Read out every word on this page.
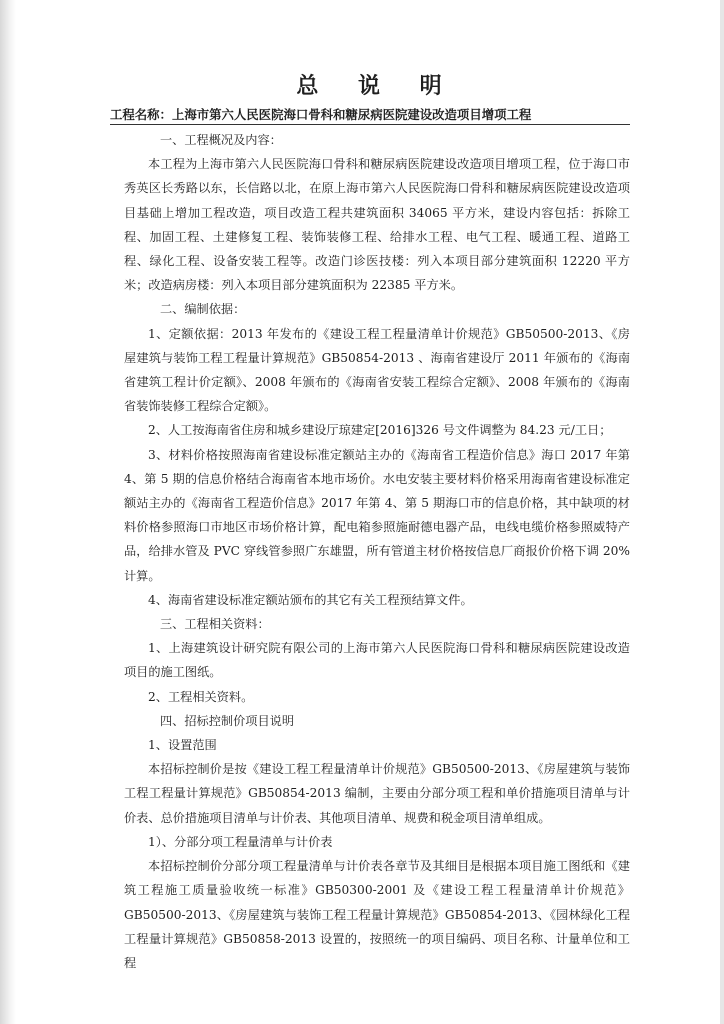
总 说 明

工程名称：上海市第六人民医院海口骨科和糖尿病医院建设改造项目增项工程

一、工程概况及内容：

本工程为上海市第六人民医院海口骨科和糖尿病医院建设改造项目增项工程，位于海口市秀英区长秀路以东，长信路以北，在原上海市第六人民医院海口骨科和糖尿病医院建设改造项目基础上增加工程改造，项目改造工程共建筑面积 34065 平方米，建设内容包括：拆除工程、加固工程、土建修复工程、装饰装修工程、给排水工程、电气工程、暖通工程、道路工程、绿化工程、设备安装工程等。改造门诊医技楼：列入本项目部分建筑面积 12220 平方米；改造病房楼：列入本项目部分建筑面积为 22385 平方米。

二、编制依据：

1、定额依据：2013 年发布的《建设工程工程量清单计价规范》GB50500-2013、《房屋建筑与装饰工程工程量计算规范》GB50854-2013 、海南省建设厅 2011 年颁布的《海南省建筑工程计价定额》、2008 年颁布的《海南省安装工程综合定额》、2008 年颁布的《海南省装饰装修工程综合定额》。

2、人工按海南省住房和城乡建设厅琼建定[2016]326 号文件调整为 84.23 元/工日；

3、材料价格按照海南省建设标准定额站主办的《海南省工程造价信息》海口 2017 年第 4、第 5 期的信息价格结合海南省本地市场价。水电安装主要材料价格采用海南省建设标准定额站主办的《海南省工程造价信息》2017 年第 4、第 5 期海口市的信息价格，其中缺项的材料价格参照海口市地区市场价格计算，配电箱参照施耐德电器产品，电线电缆价格参照威特产品，给排水管及 PVC 穿线管参照广东雄盟，所有管道主材价格按信息厂商报价价格下调 20%计算。

4、海南省建设标准定额站颁布的其它有关工程预结算文件。

三、工程相关资料：

1、上海建筑设计研究院有限公司的上海市第六人民医院海口骨科和糖尿病医院建设改造项目的施工图纸。

2、工程相关资料。

四、招标控制价项目说明

1、设置范围

本招标控制价是按《建设工程工程量清单计价规范》GB50500-2013、《房屋建筑与装饰工程工程量计算规范》GB50854-2013 编制，主要由分部分项工程和单价措施项目清单与计价表、总价措施项目清单与计价表、其他项目清单、规费和税金项目清单组成。

1）、分部分项工程量清单与计价表

本招标控制价分部分项工程量清单与计价表各章节及其细目是根据本项目施工图纸和《建筑工程施工质量验收统一标准》GB50300-2001 及《建设工程工程量清单计价规范》GB50500-2013、《房屋建筑与装饰工程工程量计算规范》GB50854-2013、《园林绿化工程工程量计算规范》GB50858-2013 设置的，按照统一的项目编码、项目名称、计量单位和工程
